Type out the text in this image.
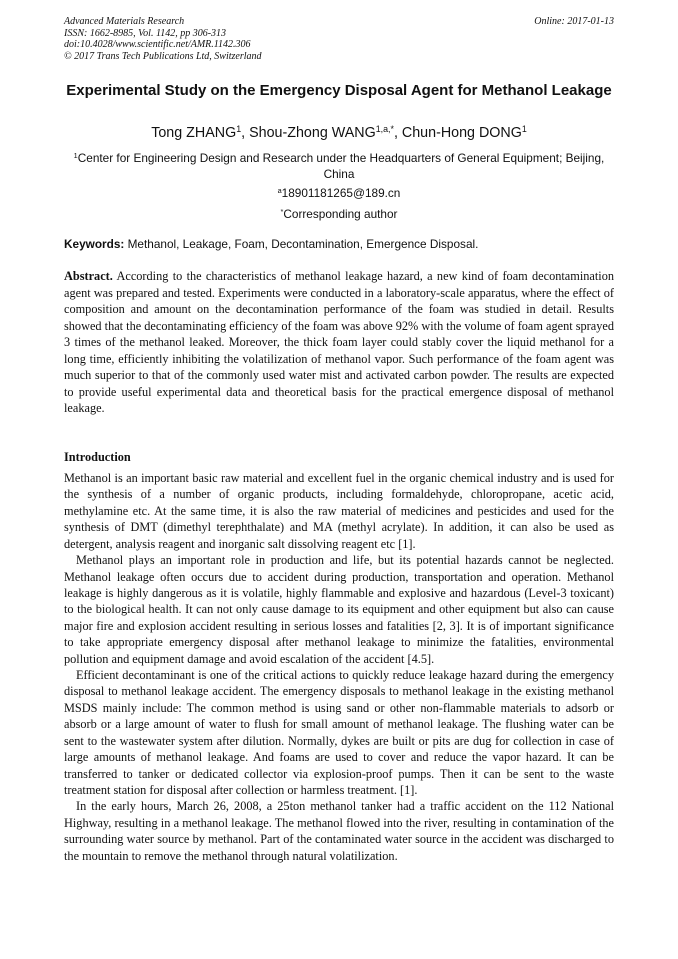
Advanced Materials Research
ISSN: 1662-8985, Vol. 1142, pp 306-313
doi:10.4028/www.scientific.net/AMR.1142.306
© 2017 Trans Tech Publications Ltd, Switzerland
Online: 2017-01-13
Experimental Study on the Emergency Disposal Agent for Methanol Leakage
Tong ZHANG$^1$, Shou-Zhong $WANG^{1,a,*}$, Chun-Hong DONG$^1$
$^1$Center for Engineering Design and Research under the Headquarters of General Equipment; Beijing, China
$^a$18901181265@189.cn
*Corresponding author
Keywords: Methanol, Leakage, Foam, Decontamination, Emergence Disposal.
Abstract. According to the characteristics of methanol leakage hazard, a new kind of foam decontamination agent was prepared and tested. Experiments were conducted in a laboratory-scale apparatus, where the effect of composition and amount on the decontamination performance of the foam was studied in detail. Results showed that the decontaminating efficiency of the foam was above 92% with the volume of foam agent sprayed 3 times of the methanol leaked. Moreover, the thick foam layer could stably cover the liquid methanol for a long time, efficiently inhibiting the volatilization of methanol vapor. Such performance of the foam agent was much superior to that of the commonly used water mist and activated carbon powder. The results are expected to provide useful experimental data and theoretical basis for the practical emergence disposal of methanol leakage.
Introduction

Methanol is an important basic raw material and excellent fuel in the organic chemical industry and is used for the synthesis of a number of organic products, including formaldehyde, chloropropane, acetic acid, methylamine etc. At the same time, it is also the raw material of medicines and pesticides and used for the synthesis of DMT (dimethyl terephthalate) and MA (methyl acrylate). In addition, it can also be used as detergent, analysis reagent and inorganic salt dissolving reagent etc [1].

Methanol plays an important role in production and life, but its potential hazards cannot be neglected. Methanol leakage often occurs due to accident during production, transportation and operation. Methanol leakage is highly dangerous as it is volatile, highly flammable and explosive and hazardous (Level-3 toxicant) to the biological health. It can not only cause damage to its equipment and other equipment but also can cause major fire and explosion accident resulting in serious losses and fatalities [2, 3]. It is of important significance to take appropriate emergency disposal after methanol leakage to minimize the fatalities, environmental pollution and equipment damage and avoid escalation of the accident [4.5].

Efficient decontaminant is one of the critical actions to quickly reduce leakage hazard during the emergency disposal to methanol leakage accident. The emergency disposals to methanol leakage in the existing methanol MSDS mainly include: The common method is using sand or other non-flammable materials to adsorb or absorb or a large amount of water to flush for small amount of methanol leakage. The flushing water can be sent to the wastewater system after dilution. Normally, dykes are built or pits are dug for collection in case of large amounts of methanol leakage. And foams are used to cover and reduce the vapor hazard. It can be transferred to tanker or dedicated collector via explosion-proof pumps. Then it can be sent to the waste treatment station for disposal after collection or harmless treatment. [1].

In the early hours, March 26, 2008, a 25ton methanol tanker had a traffic accident on the 112 National Highway, resulting in a methanol leakage. The methanol flowed into the river, resulting in contamination of the surrounding water source by methanol. Part of the contaminated water source in the accident was discharged to the mountain to remove the methanol through natural volatilization.
